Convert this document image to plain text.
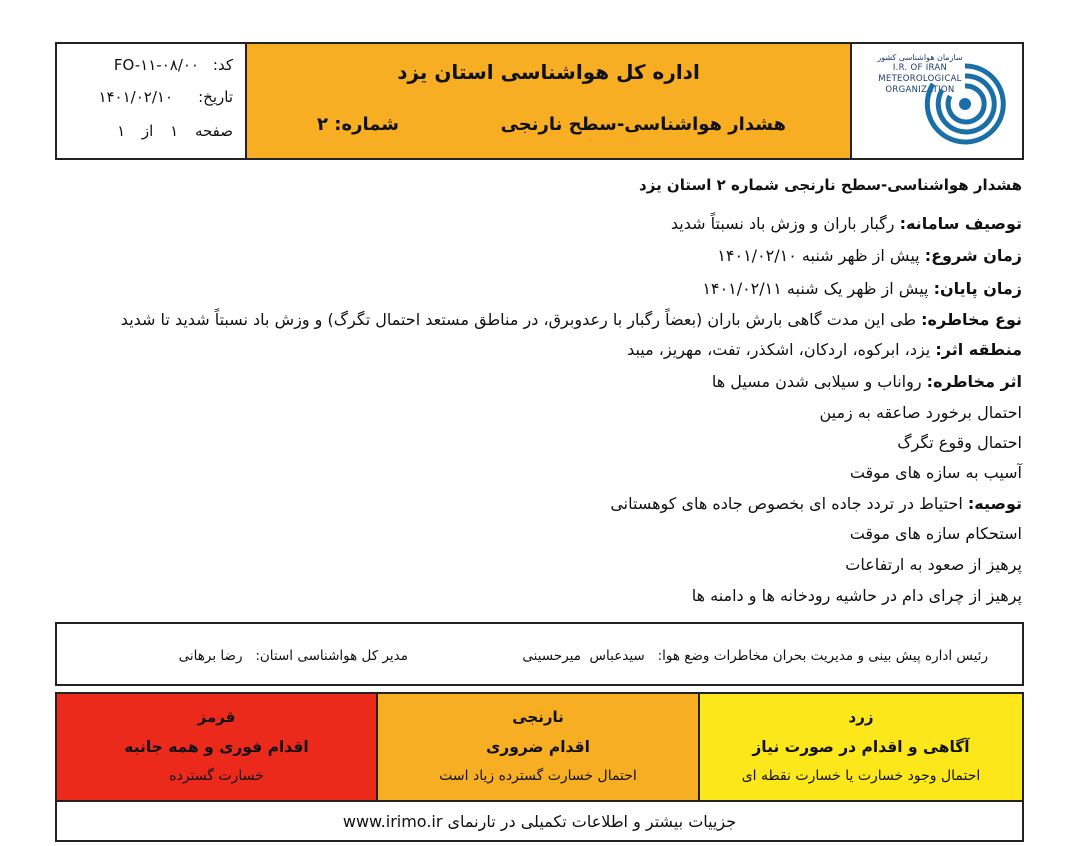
کد:
FO-۱۱-۰۸/۰۰
تاریخ:
۱۴۰۱/۰۲/۱۰
صفحه ۱ از ۱
اداره کل هواشناسی استان یزد
هشدار هواشناسی-سطح نارنجی
شماره: ۲
سازمان هواشناسی کشور
I.R. OF IRAN
METEOROLOGICAL
ORGANIZATION
هشدار هواشناسی-سطح نارنجی شماره ۲ استان یزد
توصیف سامانه: رگبار باران و وزش باد نسبتاً شدید
زمان شروع: پیش از ظهر شنبه ۱۴۰۱/۰۲/۱۰
زمان پایان: پیش از ظهر یک شنبه ۱۴۰۱/۰۲/۱۱
نوع مخاطره: طی این مدت گاهی بارش باران (بعضاً رگبار با رعدوبرق، در مناطق مستعد احتمال تگرگ) و وزش باد نسبتاً شدید تا شدید
منطقه اثر: یزد، ابرکوه، اردکان، اشکذر، تفت، مهریز، میبد
اثر مخاطره: رواناب و سیلابی شدن مسیل ها
احتمال برخورد صاعقه به زمین
احتمال وقوع تگرگ
آسیب به سازه های موقت
توصیه: احتیاط در تردد جاده ای بخصوص جاده های کوهستانی
استحکام سازه های موقت
پرهیز از صعود به ارتفاعات
پرهیز از چرای دام در حاشیه رودخانه ها و دامنه ها
رئیس اداره پیش بینی و مدیریت بحران مخاطرات وضع هوا:   سیدعباس  میرحسینی
مدیر کل هواشناسی استان:   رضا برهانی
زرد
آگاهی و اقدام در صورت نیاز
احتمال وجود خسارت یا خسارت نقطه ای
نارنجی
اقدام ضروری
احتمال خسارت گسترده زیاد است
قرمز
اقدام فوری و همه جانبه
خسارت گسترده
جزییات بیشتر و اطلاعات تکمیلی در تارنمای www.irimo.ir
